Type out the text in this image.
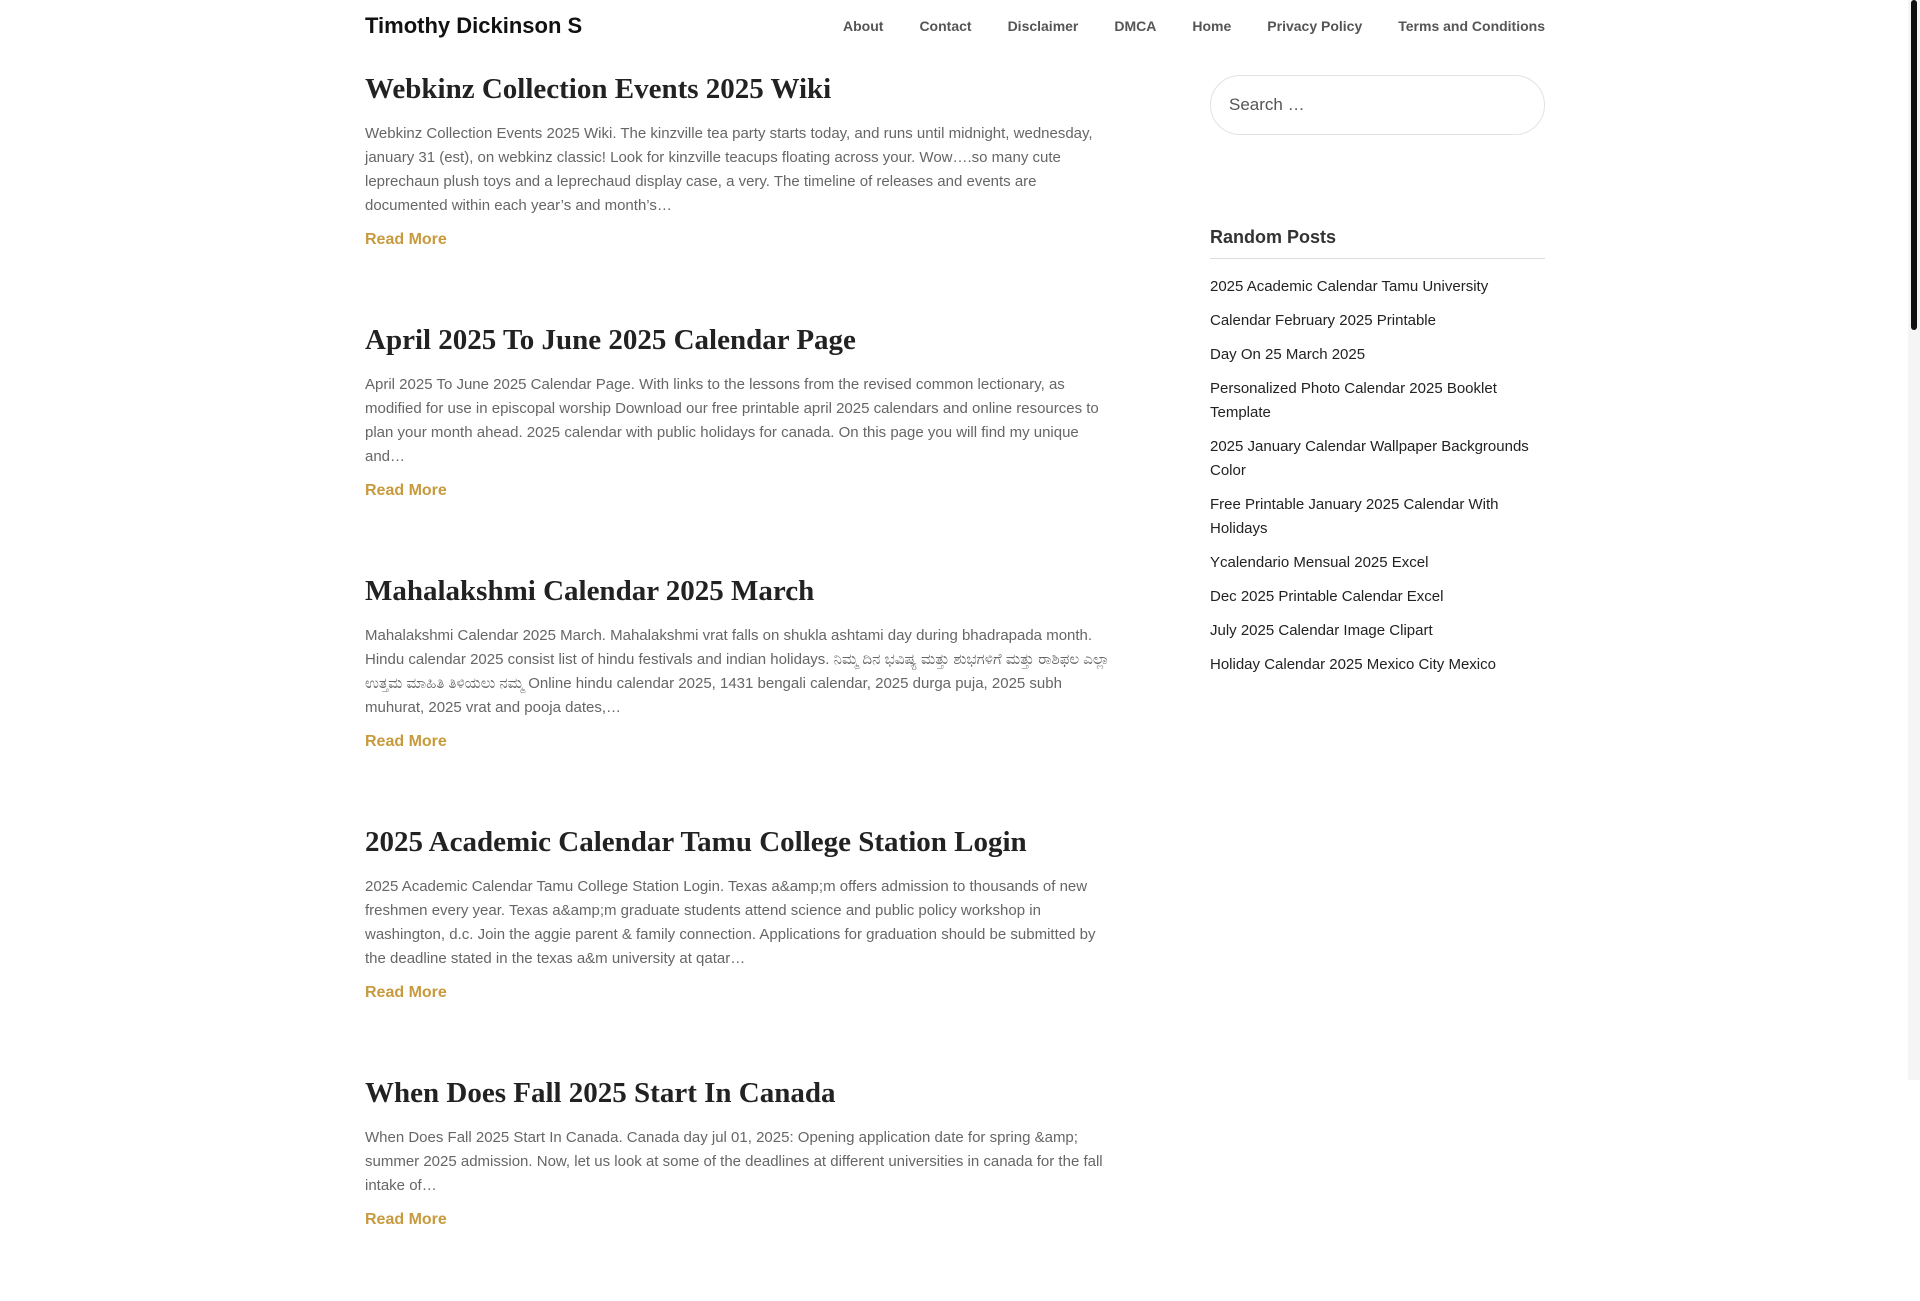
Timothy Dickinson S	About	Contact	Disclaimer	DMCA	Home	Privacy Policy	Terms and Conditions
Webkinz Collection Events 2025 Wiki

Webkinz Collection Events 2025 Wiki. The kinzville tea party starts today, and runs until midnight, wednesday, january 31 (est), on webkinz classic! Look for kinzville teacups floating across your. Wow….so many cute leprechaun plush toys and a leprechaud display case, a very. The timeline of releases and events are documented within each year’s and month’s…

Read More
April 2025 To June 2025 Calendar Page

April 2025 To June 2025 Calendar Page. With links to the lessons from the revised common lectionary, as modified for use in episcopal worship Download our free printable april 2025 calendars and online resources to plan your month ahead. 2025 calendar with public holidays for canada. On this page you will find my unique and…

Read More
Mahalakshmi Calendar 2025 March

Mahalakshmi Calendar 2025 March. Mahalakshmi vrat falls on shukla ashtami day during bhadrapada month. Hindu calendar 2025 consist list of hindu festivals and indian holidays. ನಿಮ್ಮ ದಿನ ಭವಿಷ್ಯ ಮತ್ತು ಶುಭಗಳಿಗೆ ಮತ್ತು ರಾಶಿಫಲ ಎಲ್ಲಾ ಉತ್ತಮ ಮಾಹಿತಿ ತಿಳಿಯಲು ನಮ್ಮ Online hindu calendar 2025, 1431 bengali calendar, 2025 durga puja, 2025 subh muhurat, 2025 vrat and pooja dates,…

Read More
2025 Academic Calendar Tamu College Station Login

2025 Academic Calendar Tamu College Station Login. Texas a&amp;m offers admission to thousands of new freshmen every year. Texas a&amp;m graduate students attend science and public policy workshop in washington, d.c. Join the aggie parent & family connection. Applications for graduation should be submitted by the deadline stated in the texas a&m university at qatar…

Read More
When Does Fall 2025 Start In Canada

When Does Fall 2025 Start In Canada. Canada day jul 01, 2025: Opening application date for spring &amp; summer 2025 admission. Now, let us look at some of the deadlines at different universities in canada for the fall intake of…

Read More
Search …
Random Posts
2025 Academic Calendar Tamu University
Calendar February 2025 Printable
Day On 25 March 2025
Personalized Photo Calendar 2025 Booklet Template
2025 January Calendar Wallpaper Backgrounds Color
Free Printable January 2025 Calendar With Holidays
Ycalendario Mensual 2025 Excel
Dec 2025 Printable Calendar Excel
July 2025 Calendar Image Clipart
Holiday Calendar 2025 Mexico City Mexico
